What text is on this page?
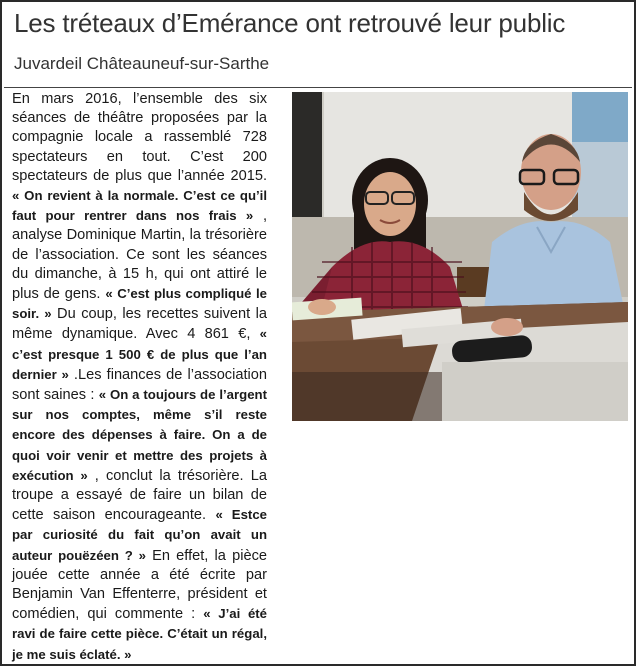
Les tréteaux d’Emérance ont retrouvé leur public
Juvardeil Châteauneuf-sur-Sarthe
En mars 2016, l’ensemble des six séances de théâtre proposées par la compagnie locale a rassemblé 728 spectateurs en tout. C’est 200 spectateurs de plus que l’année 2015. « On revient à la normale. C’est ce qu’il faut pour rentrer dans nos frais » , analyse Dominique Martin, la trésorière de l’association. Ce sont les séances du dimanche, à 15 h, qui ont attiré le plus de gens. « C’est plus compliqué le soir. » Du coup, les recettes suivent la même dynamique. Avec 4 861 €, « c’est presque 1 500 € de plus que l’an dernier » .Les finances de l’association sont saines : « On a toujours de l’argent sur nos comptes, même s’il reste encore des dépenses à faire. On a de quoi voir venir et mettre des projets à exécution » , conclut la trésorière. La troupe a essayé de faire un bilan de cette saison encourageante. « Estce par curiosité du fait qu’on avait un auteur pouëzéen ? » En effet, la pièce jouée cette année a été écrite par Benjamin Van Effenterre, président et comédien, qui commente : « J’ai été ravi de faire cette pièce. C’était un régal, je me suis éclaté. »
